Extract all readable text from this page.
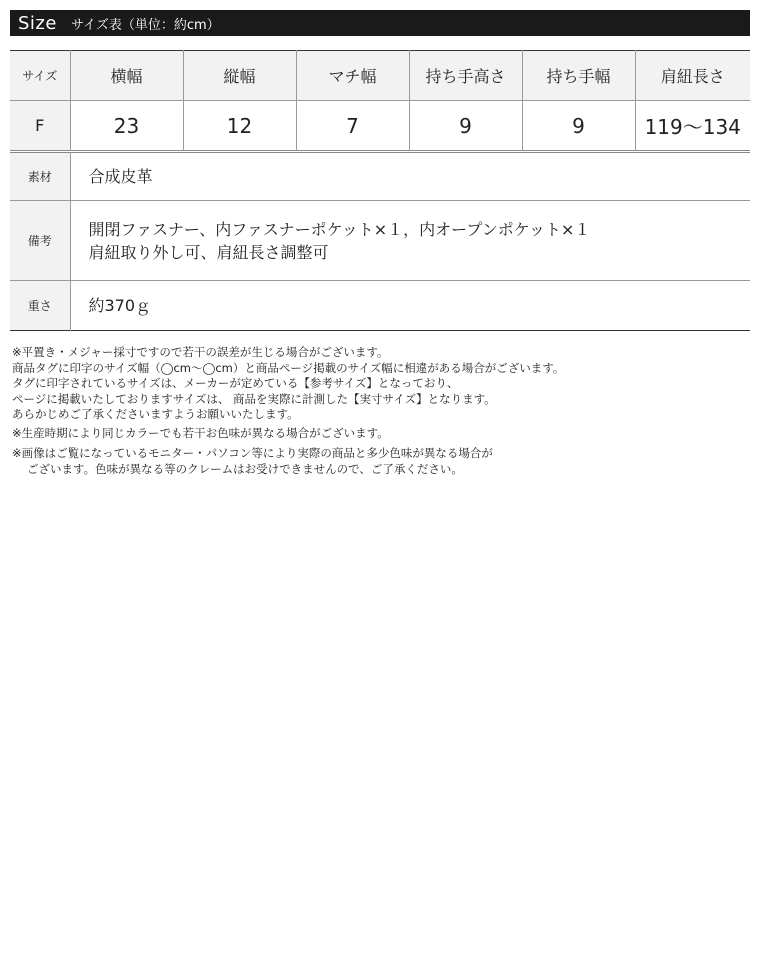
Size サイズ表（単位：約cm）
サイズ	横幅	縦幅	マチ幅	持ち手高さ	持ち手幅	肩紐長さ
F	23	12	7	9	9	119〜134
素材	合成皮革
備考	開閉ファスナー、内ファスナーポケット×１，内オープンポケット×１
肩紐取り外し可、肩紐長さ調整可

重さ	約370ｇ
※平置き・メジャー採寸ですので若干の誤差が生じる場合がございます。
商品タグに印字のサイズ幅（◯cm〜◯cm）と商品ページ掲載のサイズ幅に相違がある場合がございます。
タグに印字されているサイズは、メーカーが定めている【参考サイズ】となっており、
ページに掲載いたしておりますサイズは、 商品を実際に計測した【実寸サイズ】となります。
あらかじめご了承くださいますようお願いいたします。
※生産時期により同じカラーでも若干お色味が異なる場合がございます。
※画像はご覧になっているモニター・パソコン等により実際の商品と多少色味が異なる場合が
ございます。色味が異なる等のクレームはお受けできませんので、ご了承ください。
